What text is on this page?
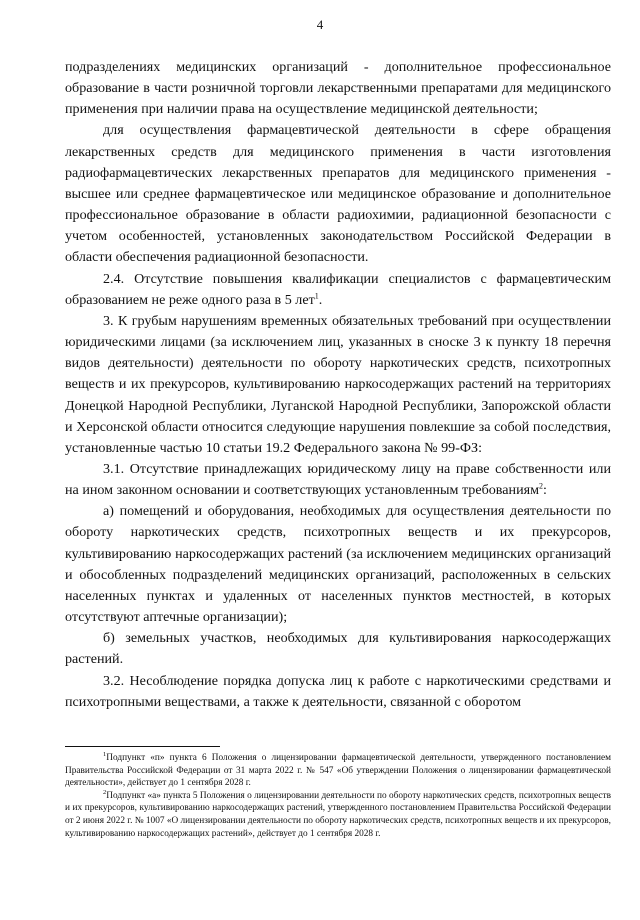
4

подразделениях медицинских организаций - дополнительное профессиональное образование в части розничной торговли лекарственными препаратами для медицинского применения при наличии права на осуществление медицинской деятельности;

для осуществления фармацевтической деятельности в сфере обращения лекарственных средств для медицинского применения в части изготовления радиофармацевтических лекарственных препаратов для медицинского применения - высшее или среднее фармацевтическое или медицинское образование и дополнительное профессиональное образование в области радиохимии, радиационной безопасности с учетом особенностей, установленных законодательством Российской Федерации в области обеспечения радиационной безопасности.

2.4. Отсутствие повышения квалификации специалистов с фармацевтическим образованием не реже одного раза в 5 лет$^1$.

3. К грубым нарушениям временных обязательных требований при осуществлении юридическими лицами (за исключением лиц, указанных в сноске 3 к пункту 18 перечня видов деятельности) деятельности по обороту наркотических средств, психотропных веществ и их прекурсоров, культивированию наркосодержащих растений на территориях Донецкой Народной Республики, Луганской Народной Республики, Запорожской области и Херсонской области относится следующие нарушения повлекшие за собой последствия, установленные частью 10 статьи 19.2 Федерального закона № 99-ФЗ:

3.1. Отсутствие принадлежащих юридическому лицу на праве собственности или на ином законном основании и соответствующих установленным требованиям$^2$:

а) помещений и оборудования, необходимых для осуществления деятельности по обороту наркотических средств, психотропных веществ и их прекурсоров, культивированию наркосодержащих растений (за исключением медицинских организаций и обособленных подразделений медицинских организаций, расположенных в сельских населенных пунктах и удаленных от населенных пунктов местностей, в которых отсутствуют аптечные организации);

б) земельных участков, необходимых для культивирования наркосодержащих растений.

3.2. Несоблюдение порядка допуска лиц к работе с наркотическими средствами и психотропными веществами, а также к деятельности, связанной с оборотом

$^1$Подпункт «п» пункта 6 Положения о лицензировании фармацевтической деятельности, утвержденного постановлением Правительства Российской Федерации от 31 марта 2022 г. № 547 «Об утверждении Положения о лицензировании фармацевтической деятельности», действует до 1 сентября 2028 г.

$^2$Подпункт «а» пункта 5 Положения о лицензировании деятельности по обороту наркотических средств, психотропных веществ и их прекурсоров, культивированию наркосодержащих растений, утвержденного постановлением Правительства Российской Федерации от 2 июня 2022 г. № 1007 «О лицензировании деятельности по обороту наркотических средств, психотропных веществ и их прекурсоров, культивированию наркосодержащих растений», действует до 1 сентября 2028 г.
